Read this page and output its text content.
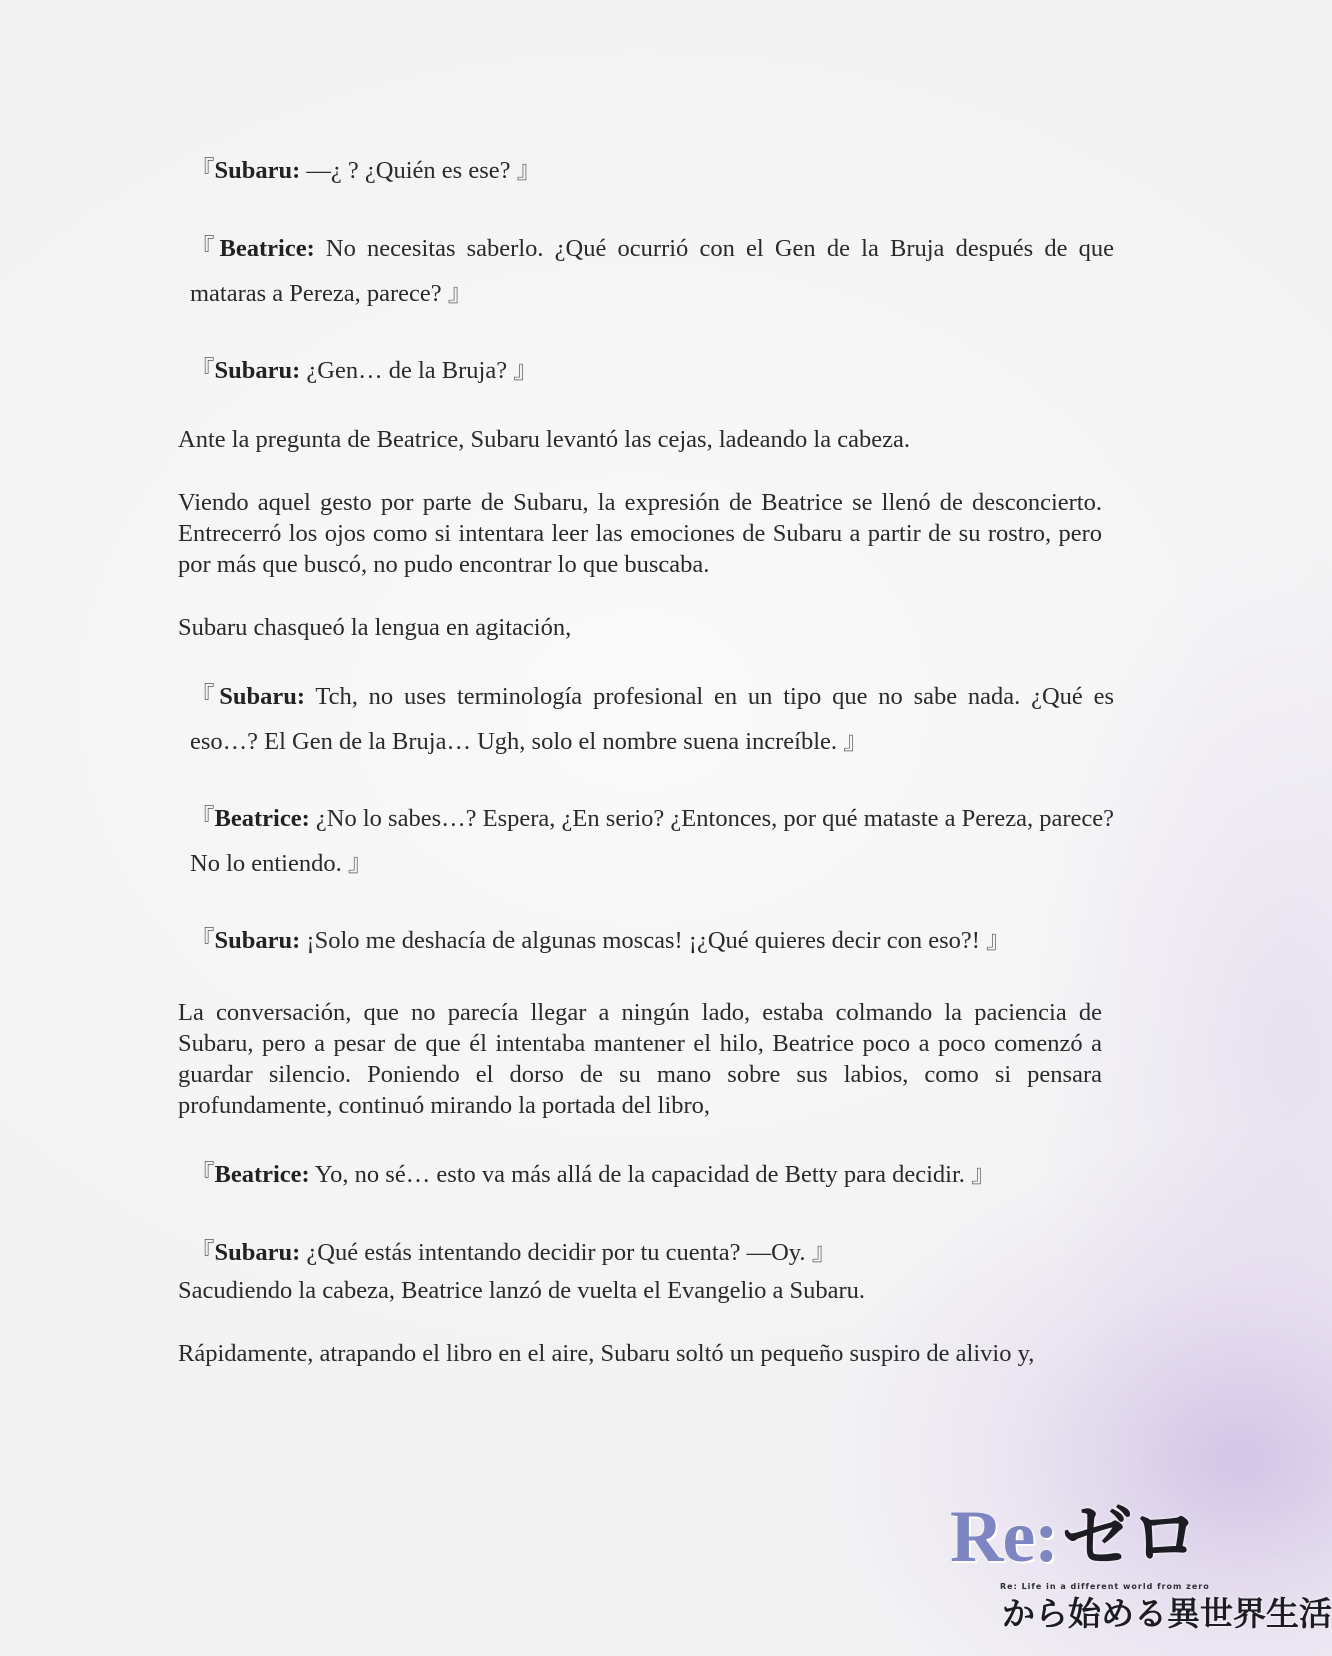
『Subaru: —¿ ? ¿Quién es ese? 』

『Beatrice: No necesitas saberlo. ¿Qué ocurrió con el Gen de la Bruja después de que mataras a Pereza, parece? 』

『Subaru: ¿Gen… de la Bruja? 』

Ante la pregunta de Beatrice, Subaru levantó las cejas, ladeando la cabeza.

Viendo aquel gesto por parte de Subaru, la expresión de Beatrice se llenó de desconcierto. Entrecerró los ojos como si intentara leer las emociones de Subaru a partir de su rostro, pero por más que buscó, no pudo encontrar lo que buscaba.

Subaru chasqueó la lengua en agitación,

『Subaru: Tch, no uses terminología profesional en un tipo que no sabe nada. ¿Qué es eso…? El Gen de la Bruja… Ugh, solo el nombre suena increíble. 』

『Beatrice: ¿No lo sabes…? Espera, ¿En serio? ¿Entonces, por qué mataste a Pereza, parece? No lo entiendo. 』

『Subaru: ¡Solo me deshacía de algunas moscas! ¡¿Qué quieres decir con eso?! 』

La conversación, que no parecía llegar a ningún lado, estaba colmando la paciencia de Subaru, pero a pesar de que él intentaba mantener el hilo, Beatrice poco a poco comenzó a guardar silencio. Poniendo el dorso de su mano sobre sus labios, como si pensara profundamente, continuó mirando la portada del libro,

『Beatrice: Yo, no sé… esto va más allá de la capacidad de Betty para decidir. 』

『Subaru: ¿Qué estás intentando decidir por tu cuenta? —Oy. 』

Sacudiendo la cabeza, Beatrice lanzó de vuelta el Evangelio a Subaru.

Rápidamente, atrapando el libro en el aire, Subaru soltó un pequeño suspiro de alivio y,

Re: ゼロ
Re: Life in a different world from zero
から始める異世界生活
